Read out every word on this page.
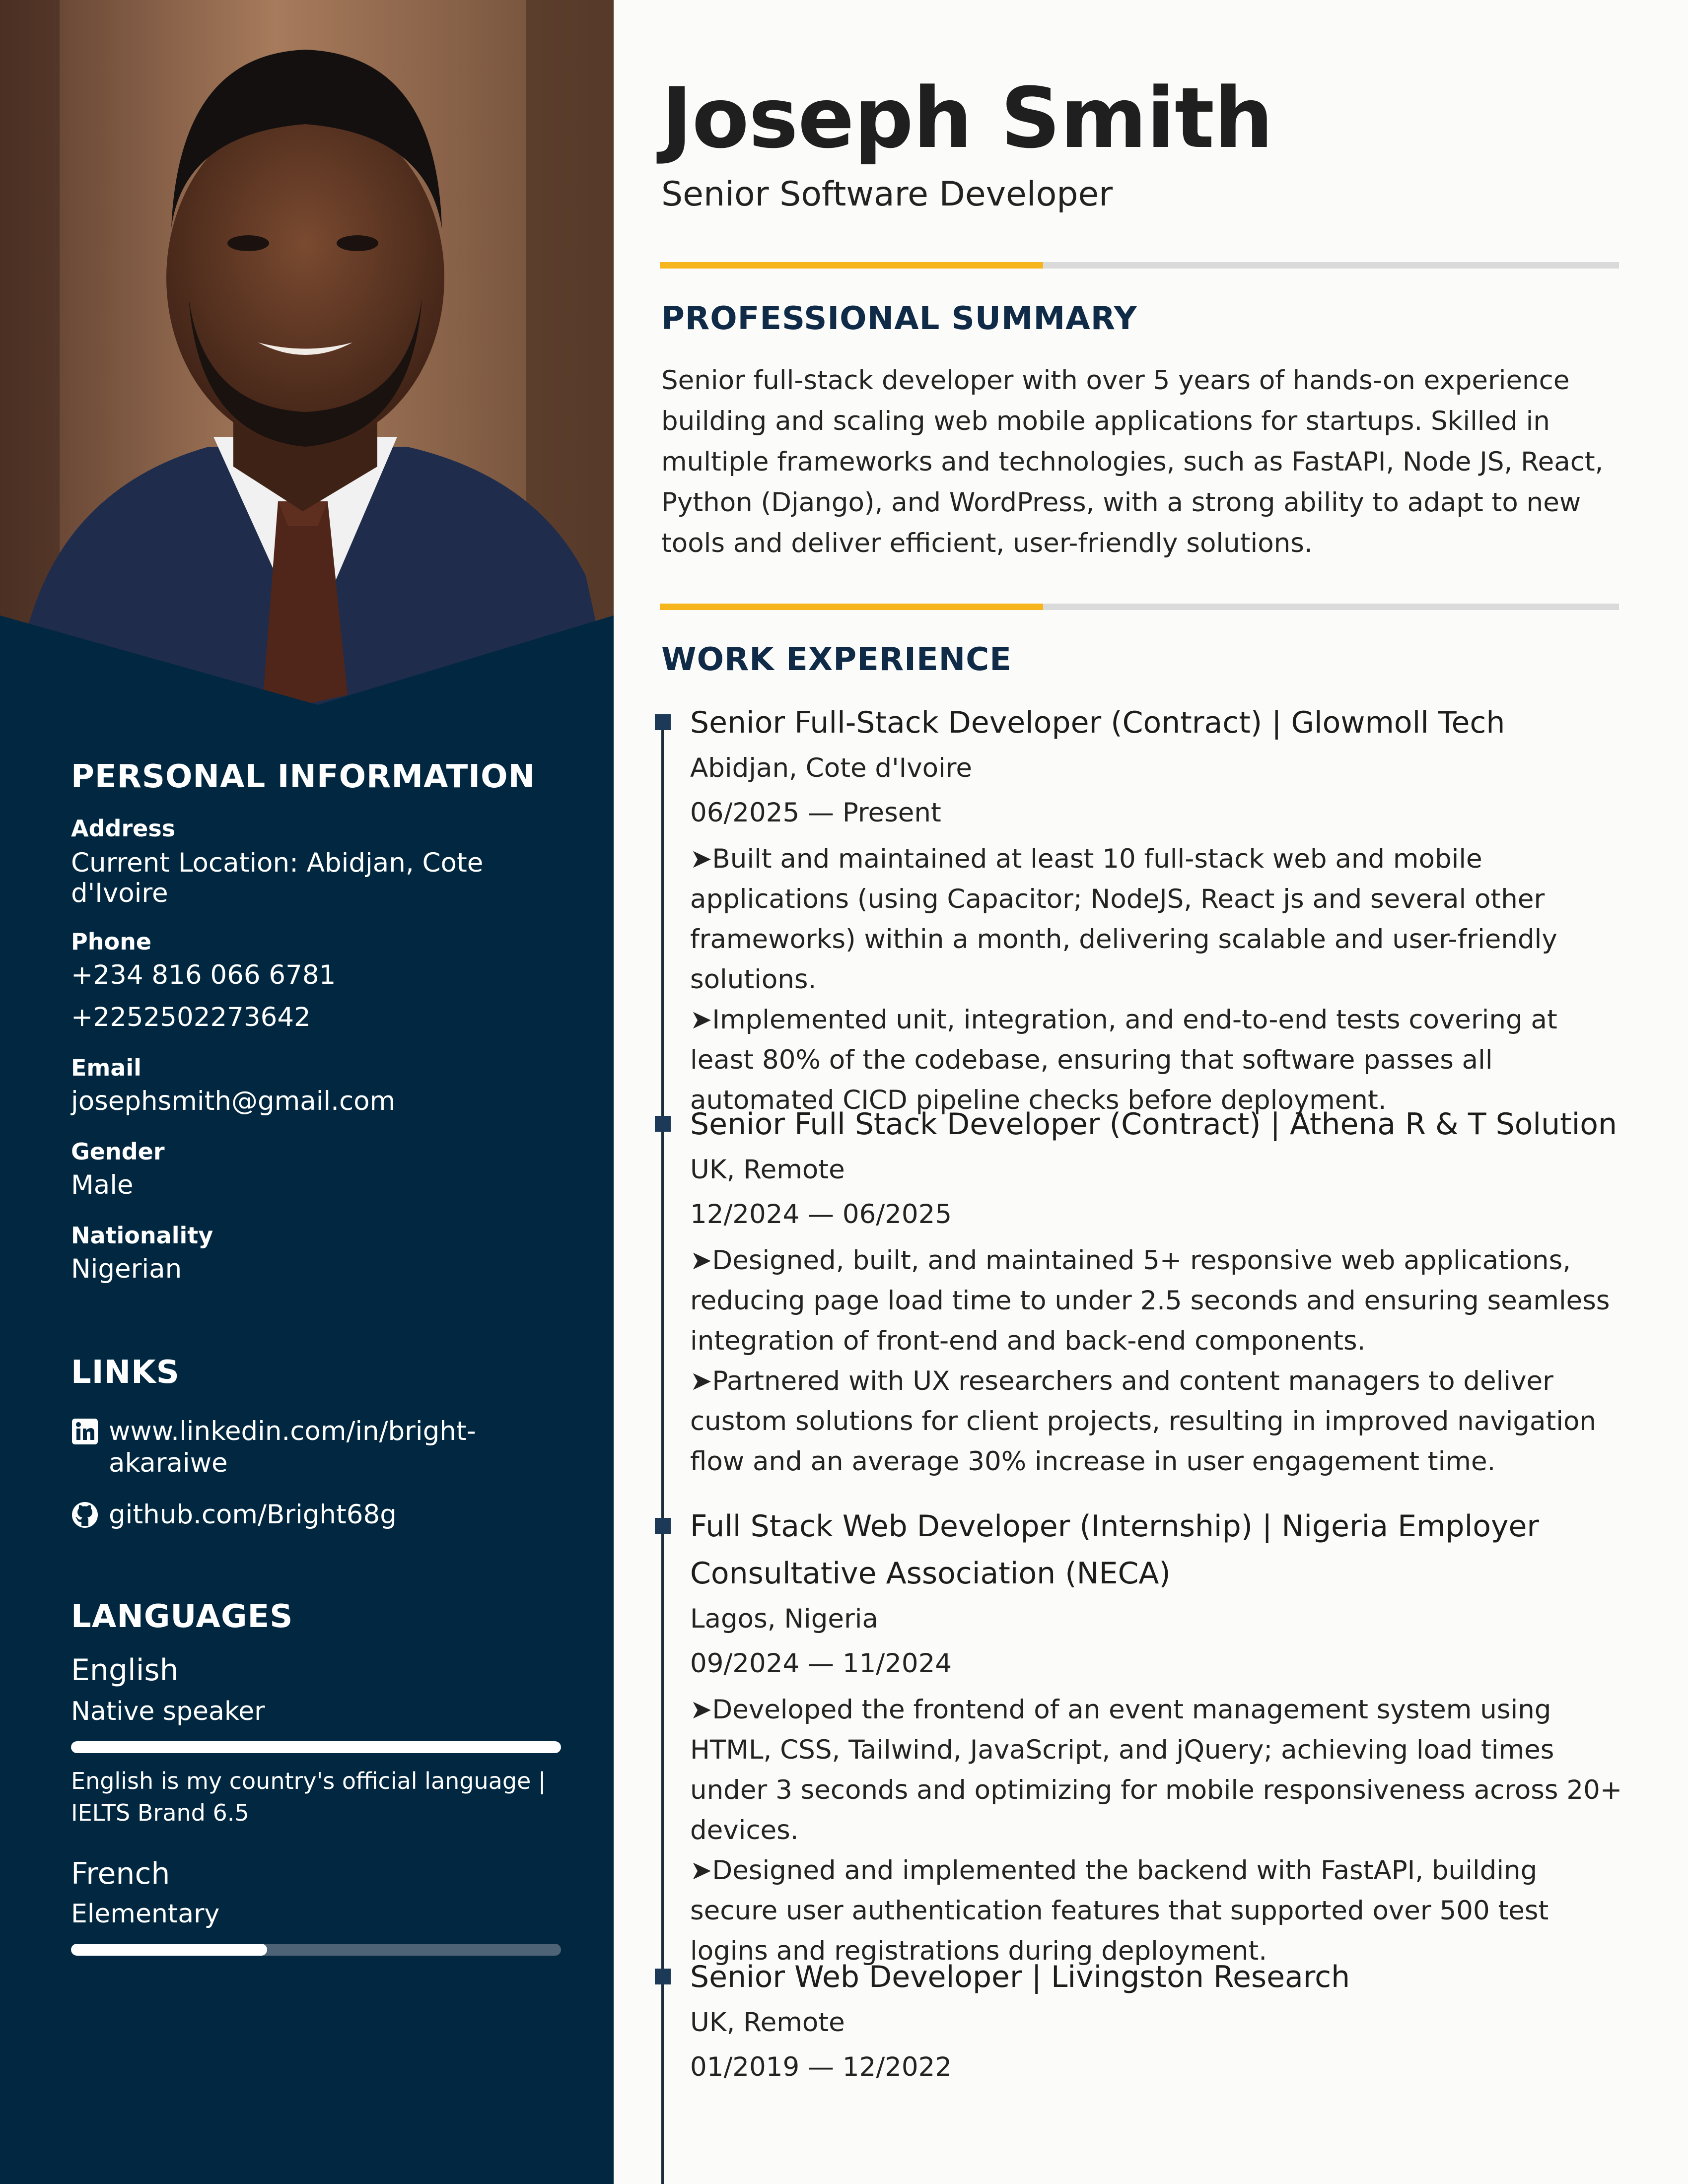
PERSONAL INFORMATION

Address

Current Location: Abidjan, Cote d'Ivoire

Phone

+234 816 066 6781

+2252502273642

Email

josephsmith@gmail.com

Gender

Male

Nationality

Nigerian

LINKS

www.linkedin.com/in/bright-
akaraiwe
github.com/Bright68g

LANGUAGES

English

Native speaker

English is my country's official language | IELTS Brand 6.5

French

Elementary

Joseph Smith

Senior Software Developer

PROFESSIONAL SUMMARY

Senior full-stack developer with over 5 years of hands-on experience building and scaling web mobile applications for startups. Skilled in multiple frameworks and technologies, such as FastAPI, Node JS, React, Python (Django), and WordPress, with a strong ability to adapt to new tools and deliver efficient, user-friendly solutions.

WORK EXPERIENCE

Senior Full-Stack Developer (Contract) | Glowmoll Tech

Abidjan, Cote d'Ivoire

06/2025 — Present

➤Built and maintained at least 10 full-stack web and mobile applications (using Capacitor; NodeJS, React js and several other frameworks) within a month, delivering scalable and user-friendly solutions.
➤Implemented unit, integration, and end-to-end tests covering at least 80% of the codebase, ensuring that software passes all automated CICD pipeline checks before deployment.

Senior Full Stack Developer (Contract) | Athena R & T Solution

UK, Remote

12/2024 — 06/2025

➤Designed, built, and maintained 5+ responsive web applications, reducing page load time to under 2.5 seconds and ensuring seamless integration of front-end and back-end components.
➤Partnered with UX researchers and content managers to deliver custom solutions for client projects, resulting in improved navigation flow and an average 30% increase in user engagement time.

Full Stack Web Developer (Internship) | Nigeria Employer Consultative Association (NECA)

Lagos, Nigeria

09/2024 — 11/2024

➤Developed the frontend of an event management system using HTML, CSS, Tailwind, JavaScript, and jQuery; achieving load times under 3 seconds and optimizing for mobile responsiveness across 20+ devices.
➤Designed and implemented the backend with FastAPI, building secure user authentication features that supported over 500 test logins and registrations during deployment.

Senior Web Developer | Livingston Research

UK, Remote

01/2019 — 12/2022
